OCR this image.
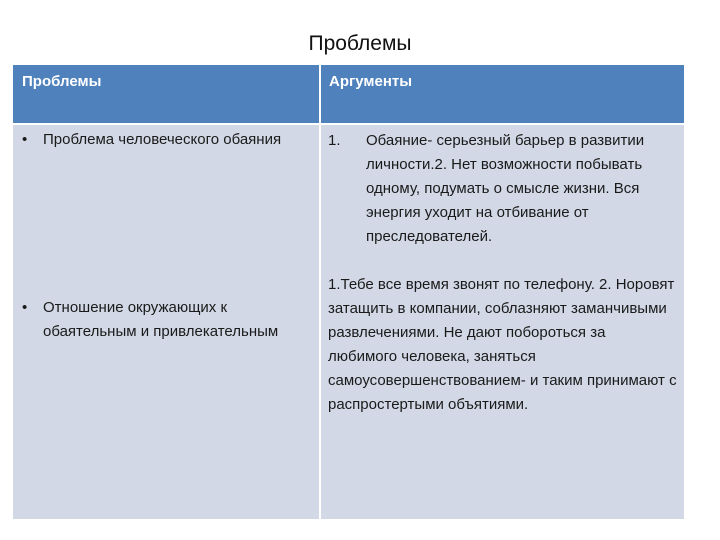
Проблемы
Проблемы	Аргументы
• Проблема человеческого обаяния
• Отношение окружающих к обаятельным и привлекательным
1. Обаяние- серьезный барьер в развитии личности.2. Нет возможности побывать одному, подумать о смысле жизни. Вся энергия уходит на отбивание от преследователей.
1.Тебе все время звонят по телефону. 2. Норовят затащить в компании, соблазняют заманчивыми развлечениями. Не дают побороться за любимого человека, заняться самоусовершенствованием- и таким принимают с распростертыми объятиями.
